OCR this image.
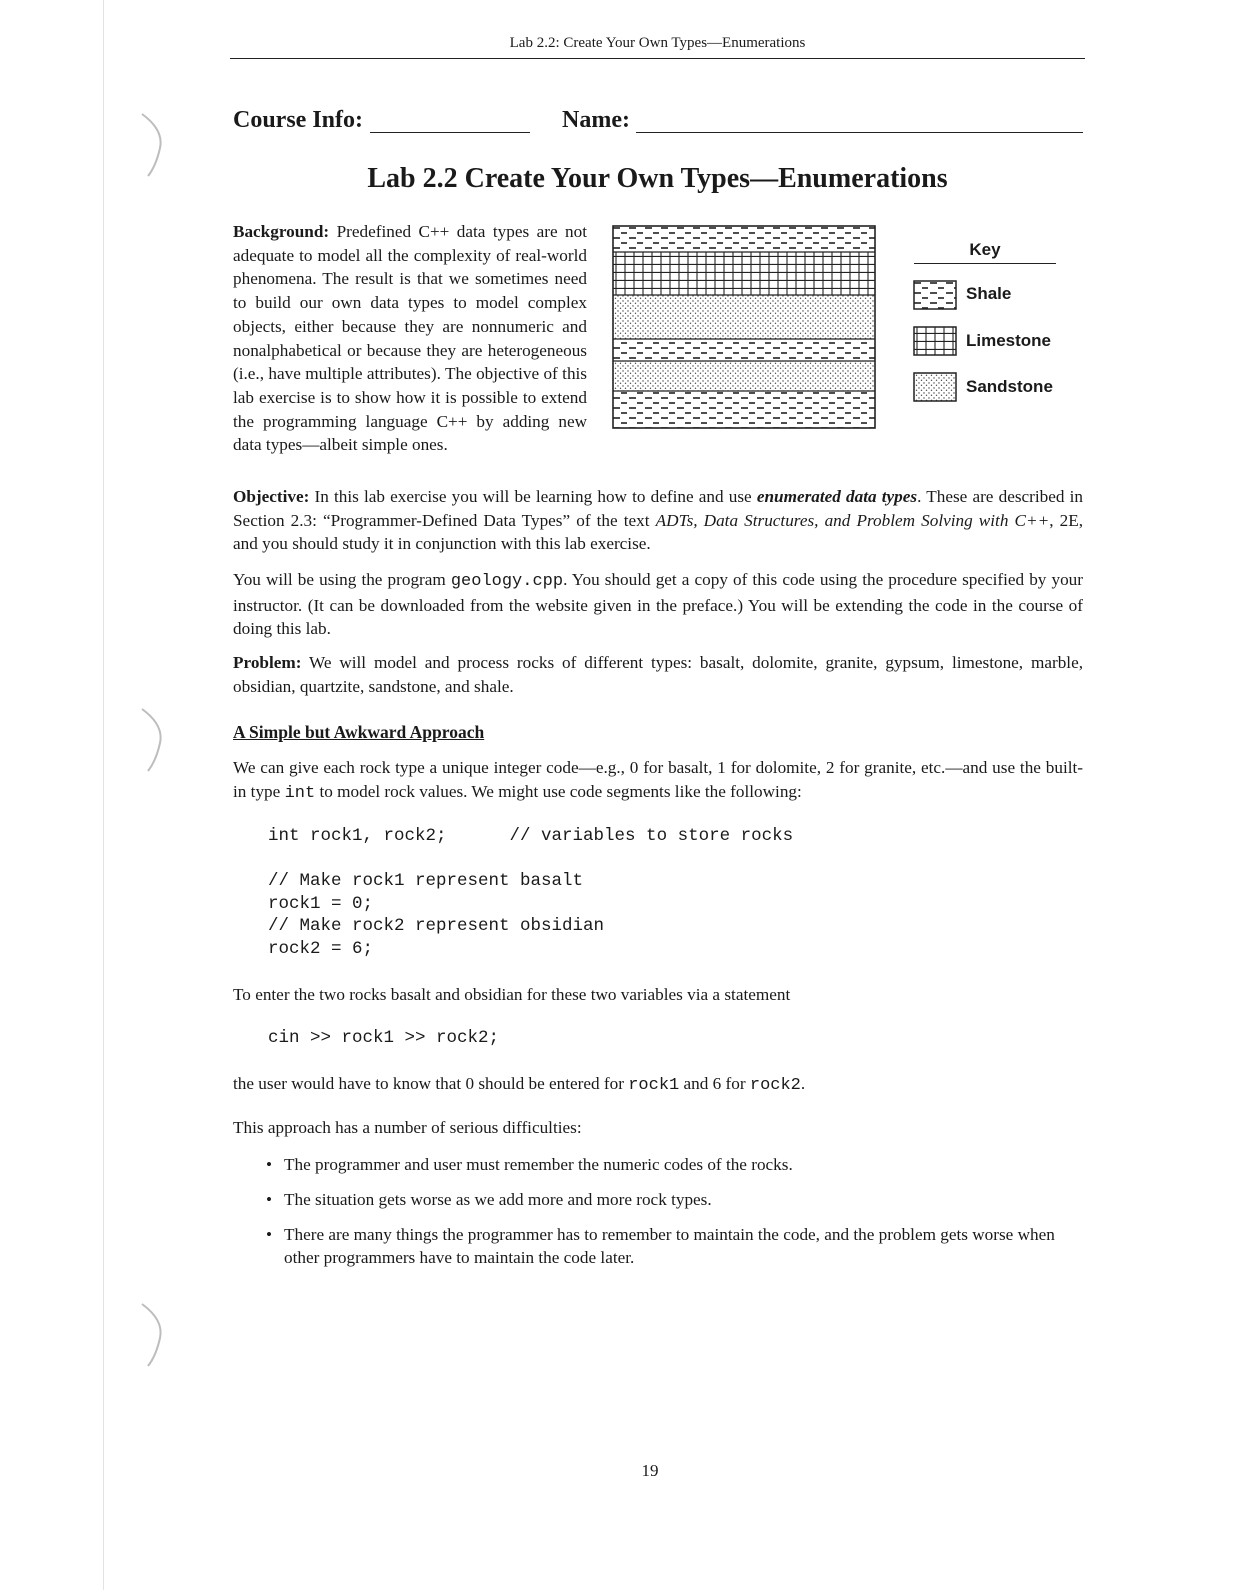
Lab 2.2: Create Your Own Types—Enumerations
Course Info:	Name:
Lab 2.2 Create Your Own Types—Enumerations

Background: Predefined C++ data types are not adequate to model all the complexity of real-world phenomena. The result is that we sometimes need to build our own data types to model complex objects, either because they are nonnumeric and nonalphabetical or because they are heterogeneous (i.e., have multiple attributes). The objective of this lab exercise is to show how it is possible to extend the programming language C++ by adding new data types—albeit simple ones.

Key
Shale
Limestone
Sandstone

Objective: In this lab exercise you will be learning how to define and use enumerated data types. These are described in Section 2.3: “Programmer-Defined Data Types” of the text ADTs, Data Structures, and Problem Solving with C++, 2E, and you should study it in conjunction with this lab exercise.

You will be using the program geology.cpp. You should get a copy of this code using the procedure specified by your instructor. (It can be downloaded from the website given in the preface.) You will be extending the code in the course of doing this lab.

Problem: We will model and process rocks of different types: basalt, dolomite, granite, gypsum, limestone, marble, obsidian, quartzite, sandstone, and shale.

A Simple but Awkward Approach

We can give each rock type a unique integer code—e.g., 0 for basalt, 1 for dolomite, 2 for granite, etc.—and use the built-in type int to model rock values. We might use code segments like the following:

int rock1, rock2;      // variables to store rocks

// Make rock1 represent basalt
rock1 = 0;
// Make rock2 represent obsidian
rock2 = 6;

To enter the two rocks basalt and obsidian for these two variables via a statement

cin >> rock1 >> rock2;

the user would have to know that 0 should be entered for rock1 and 6 for rock2.

This approach has a number of serious difficulties:

• The programmer and user must remember the numeric codes of the rocks.
• The situation gets worse as we add more and more rock types.
• There are many things the programmer has to remember to maintain the code, and the problem gets worse when other programmers have to maintain the code later.
19
